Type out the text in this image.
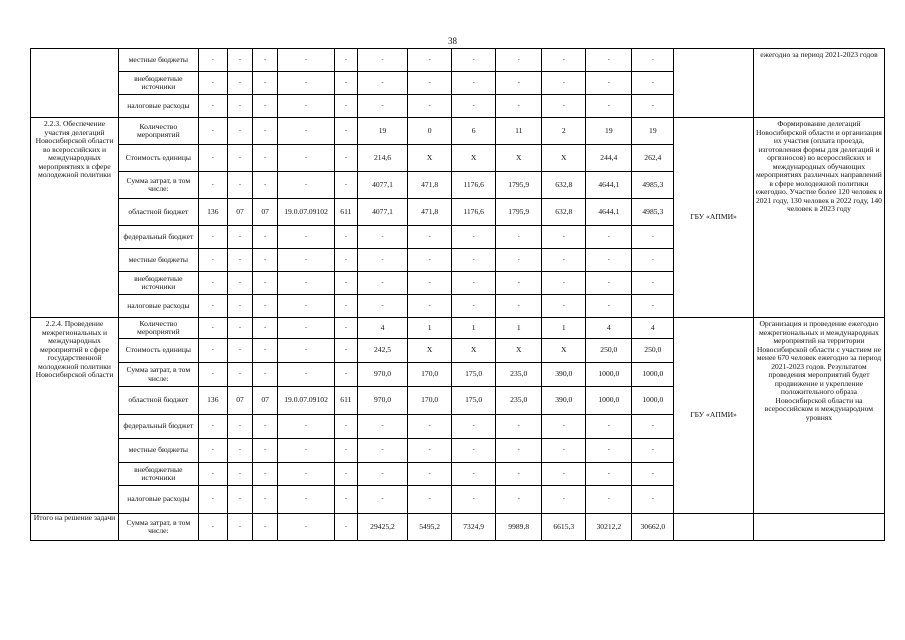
38
	местные бюджеты	-	-	-	-	-	-	-	-	-	-	-	-		ежегодно за период 2021-2023 годов
	внебюджетные источники	-	-	-	-	-	-	-	-	-	-	-	-		
	налоговые расходы	-	-	-	-	-	-	-	-	-	-	-	-		
2.2.3. Обеспечение участия делегаций Новосибирской области во всероссийских и международных мероприятиях в сфере молодежной политики	Количество мероприятий	-	-	-	-	-	19	0	6	11	2	19	19	ГБУ «АПМИ»	Формирование делегаций Новосибирской области и организация их участия (оплата проезда, изготовления формы для делегаций и оргвзносов) во всероссийских и международных обучающих мероприятиях различных направлений в сфере молодежной политики ежегодно. Участие более 120 человек в 2021 году, 130 человек в 2022 году, 140 человек в 2023 году
	Стоимость единицы	-	-	-	-	-	214,6	X	X	X	X	244,4	262,4		
	Сумма затрат, в том числе:	-	-	-	-	-	4077,1	471,8	1176,6	1795,9	632,8	4644,1	4985,3		
	областной бюджет	136	07	07	19.0.07.09102	611	4077,1	471,8	1176,6	1795,9	632,8	4644,1	4985,3		
	федеральный бюджет	-	-	-	-	-	-	-	-	-	-	-	-		
	местные бюджеты	-	-	-	-	-	-	-	-	-	-	-	-		
	внебюджетные источники	-	-	-	-	-	-	-	-	-	-	-	-		
	налоговые расходы	-	-	-	-	-	-	-	-	-	-	-	-		
2.2.4. Проведение межрегиональных и международных мероприятий в сфере государственной молодежной политики Новосибирской области	Количество мероприятий	-	-	-	-	-	4	1	1	1	1	4	4	ГБУ «АПМИ»	Организация и проведение ежегодно межрегиональных и международных мероприятий на территории Новосибирской области с участием не менее 670 человек ежегодно за период 2021-2023 годов. Результатом проведения мероприятий будет продвижение и укрепление положительного образа Новосибирской области на всероссийском и международном уровнях
	Стоимость единицы	-	-	-	-	-	242,5	X	X	X	X	250,0	250,0		
	Сумма затрат, в том числе:	-	-	-	-	-	970,0	170,0	175,0	235,0	390,0	1000,0	1000,0		
	областной бюджет	136	07	07	19.0.07.09102	611	970,0	170,0	175,0	235,0	390,0	1000,0	1000,0		
	федеральный бюджет	-	-	-	-	-	-	-	-	-	-	-	-		
	местные бюджеты	-	-	-	-	-	-	-	-	-	-	-	-		
	внебюджетные источники	-	-	-	-	-	-	-	-	-	-	-	-		
	налоговые расходы	-	-	-	-	-	-	-	-	-	-	-	-		
Итого на решение задачи	Сумма затрат, в том числе:	-	-	-	-	-	29425,2	5495,2	7324,9	9989,8	6615,3	30212,2	30662,0		
